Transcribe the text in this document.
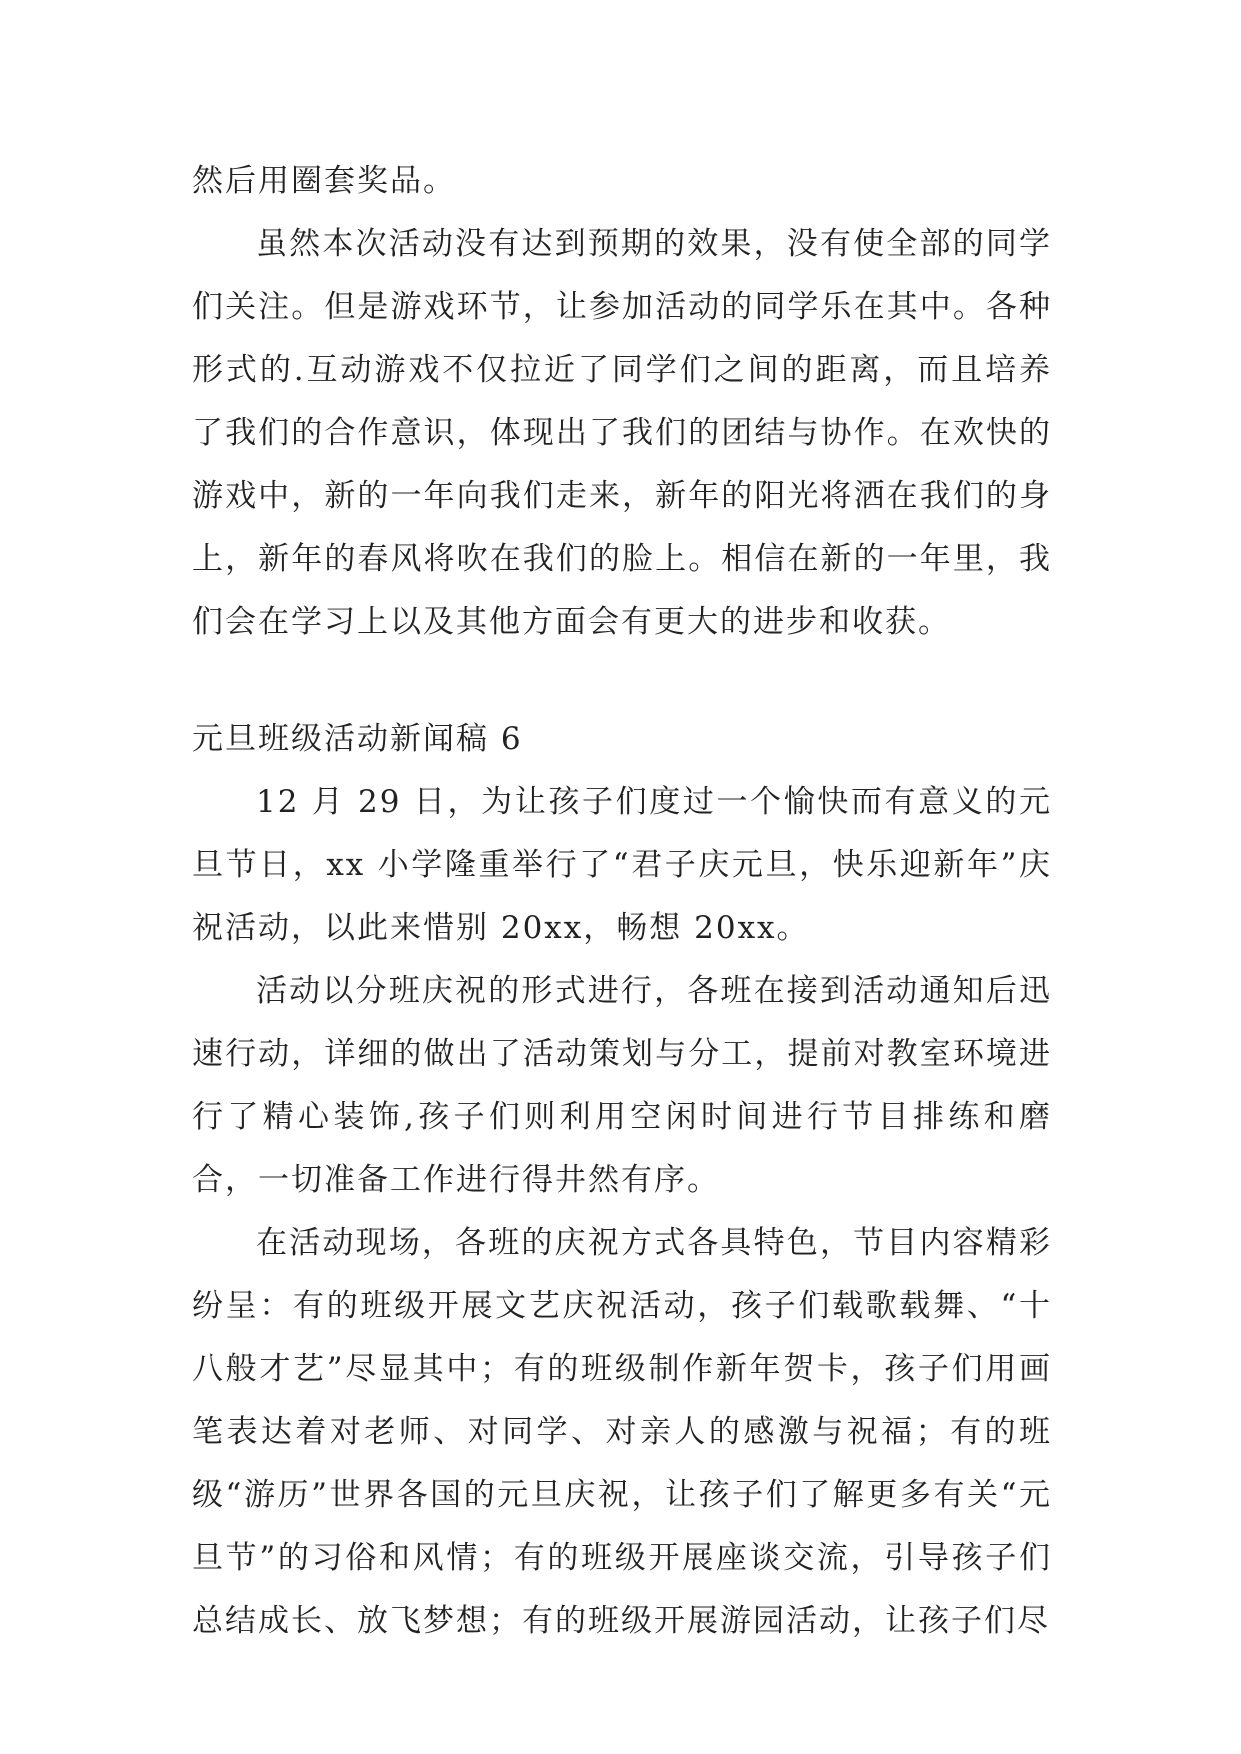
然后用圈套奖品。

虽然本次活动没有达到预期的效果，没有使全部的同学们关注。但是游戏环节，让参加活动的同学乐在其中。各种形式的.互动游戏不仅拉近了同学们之间的距离，而且培养了我们的合作意识，体现出了我们的团结与协作。在欢快的游戏中，新的一年向我们走来，新年的阳光将洒在我们的身上，新年的春风将吹在我们的脸上。相信在新的一年里，我们会在学习上以及其他方面会有更大的进步和收获。

元旦班级活动新闻稿 6

12 月 29 日，为让孩子们度过一个愉快而有意义的元旦节日，xx 小学隆重举行了“君子庆元旦，快乐迎新年”庆祝活动，以此来惜别 20xx，畅想 20xx。

活动以分班庆祝的形式进行，各班在接到活动通知后迅速行动，详细的做出了活动策划与分工，提前对教室环境进行了精心装饰,孩子们则利用空闲时间进行节目排练和磨合，一切准备工作进行得井然有序。

在活动现场，各班的庆祝方式各具特色，节目内容精彩纷呈：有的班级开展文艺庆祝活动，孩子们载歌载舞、“十八般才艺”尽显其中；有的班级制作新年贺卡，孩子们用画笔表达着对老师、对同学、对亲人的感激与祝福；有的班级“游历”世界各国的元旦庆祝，让孩子们了解更多有关“元旦节”的习俗和风情；有的班级开展座谈交流，引导孩子们总结成长、放飞梦想；有的班级开展游园活动，让孩子们尽
